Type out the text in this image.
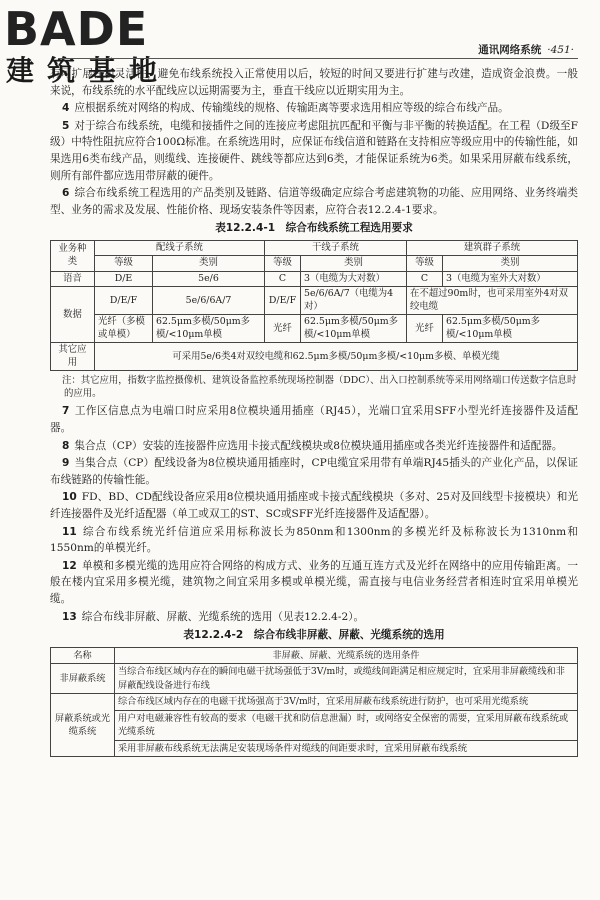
BADE
建筑基地
通讯网络系统 ·451·

有可扩展性和灵活性，避免布线系统投入正常使用以后，较短的时间又要进行扩建与改建，造成资金浪费。一般来说，布线系统的水平配线应以远期需要为主，垂直干线应以近期实用为主。

4 应根据系统对网络的构成、传输缆线的规格、传输距离等要求选用相应等级的综合布线产品。

5 对于综合布线系统，电缆和接插件之间的连接应考虑阻抗匹配和平衡与非平衡的转换适配。在工程（D级至F级）中特性阻抗应符合100Ω标准。在系统选用时，应保证布线信道和链路在支持相应等级应用中的传输性能，如果选用6类布线产品，则缆线、连接硬件、跳线等都应达到6类，才能保证系统为6类。如果采用屏蔽布线系统，则所有部件都应选用带屏蔽的硬件。

6 综合布线系统工程选用的产品类别及链路、信道等级确定应综合考虑建筑物的功能、应用网络、业务终端类型、业务的需求及发展、性能价格、现场安装条件等因素，应符合表12.2.4-1要求。

表12.2.4-1　综合布线系统工程选用要求
业务种类	配线子系统		干线子系统		建筑群子系统	
	等级	类别	等级	类别	等级	类别
语音	D/E	5e/6	C	3（电缆为大对数）	C	3（电缆为室外大对数）
数据	D/E/F	5e/6/6A/7	D/E/F	5e/6/6A/7（电缆为4对）	在不超过90m时，也可采用室外4对双绞电缆	
	光纤（多模或单模）	62.5μm多模/50μm多模/<10μm单模	光纤	62.5μm多模/50μm多模/<10μm单模	光纤	62.5μm多模/50μm多模/<10μm单模
其它应用	可采用5e/6类4对双绞电缆和62.5μm多模/50μm多模/<10μm多模、单模光缆					

注：其它应用，指数字监控摄像机、建筑设备监控系统现场控制器（DDC）、出入口控制系统等采用网络端口传送数字信息时的应用。

7 工作区信息点为电端口时应采用8位模块通用插座（RJ45），光端口宜采用SFF小型光纤连接器件及适配器。

8 集合点（CP）安装的连接器件应选用卡接式配线模块或8位模块通用插座或各类光纤连接器件和适配器。

9 当集合点（CP）配线设备为8位模块通用插座时，CP电缆宜采用带有单端RJ45插头的产业化产品，以保证布线链路的传输性能。

10 FD、BD、CD配线设备应采用8位模块通用插座或卡接式配线模块（多对、25对及回线型卡接模块）和光纤连接器件及光纤适配器（单工或双工的ST、SC或SFF光纤连接器件及适配器）。

11 综合布线系统光纤信道应采用标称波长为850nm和1300nm的多模光纤及标称波长为1310nm和1550nm的单模光纤。

12 单模和多模光缆的选用应符合网络的构成方式、业务的互通互连方式及光纤在网络中的应用传输距离。一般在楼内宜采用多模光缆，建筑物之间宜采用多模或单模光缆，需直接与电信业务经营者相连时宜采用单模光缆。

13 综合布线非屏蔽、屏蔽、光缆系统的选用（见表12.2.4-2）。

表12.2.4-2　综合布线非屏蔽、屏蔽、光缆系统的选用
名称	非屏蔽、屏蔽、光缆系统的选用条件
非屏蔽系统	当综合布线区域内存在的瞬间电磁干扰场强低于3V/m时，或缆线间距满足相应规定时，宜采用非屏蔽缆线和非屏蔽配线设备进行布线
屏蔽系统或光缆系统	综合布线区域内存在的电磁干扰场强高于3V/m时，宜采用屏蔽布线系统进行防护，也可采用光缆系统
	用户对电磁兼容性有较高的要求（电磁干扰和防信息泄漏）时，或网络安全保密的需要，宜采用屏蔽布线系统或光缆系统
	采用非屏蔽布线系统无法满足安装现场条件对缆线的间距要求时，宜采用屏蔽布线系统
